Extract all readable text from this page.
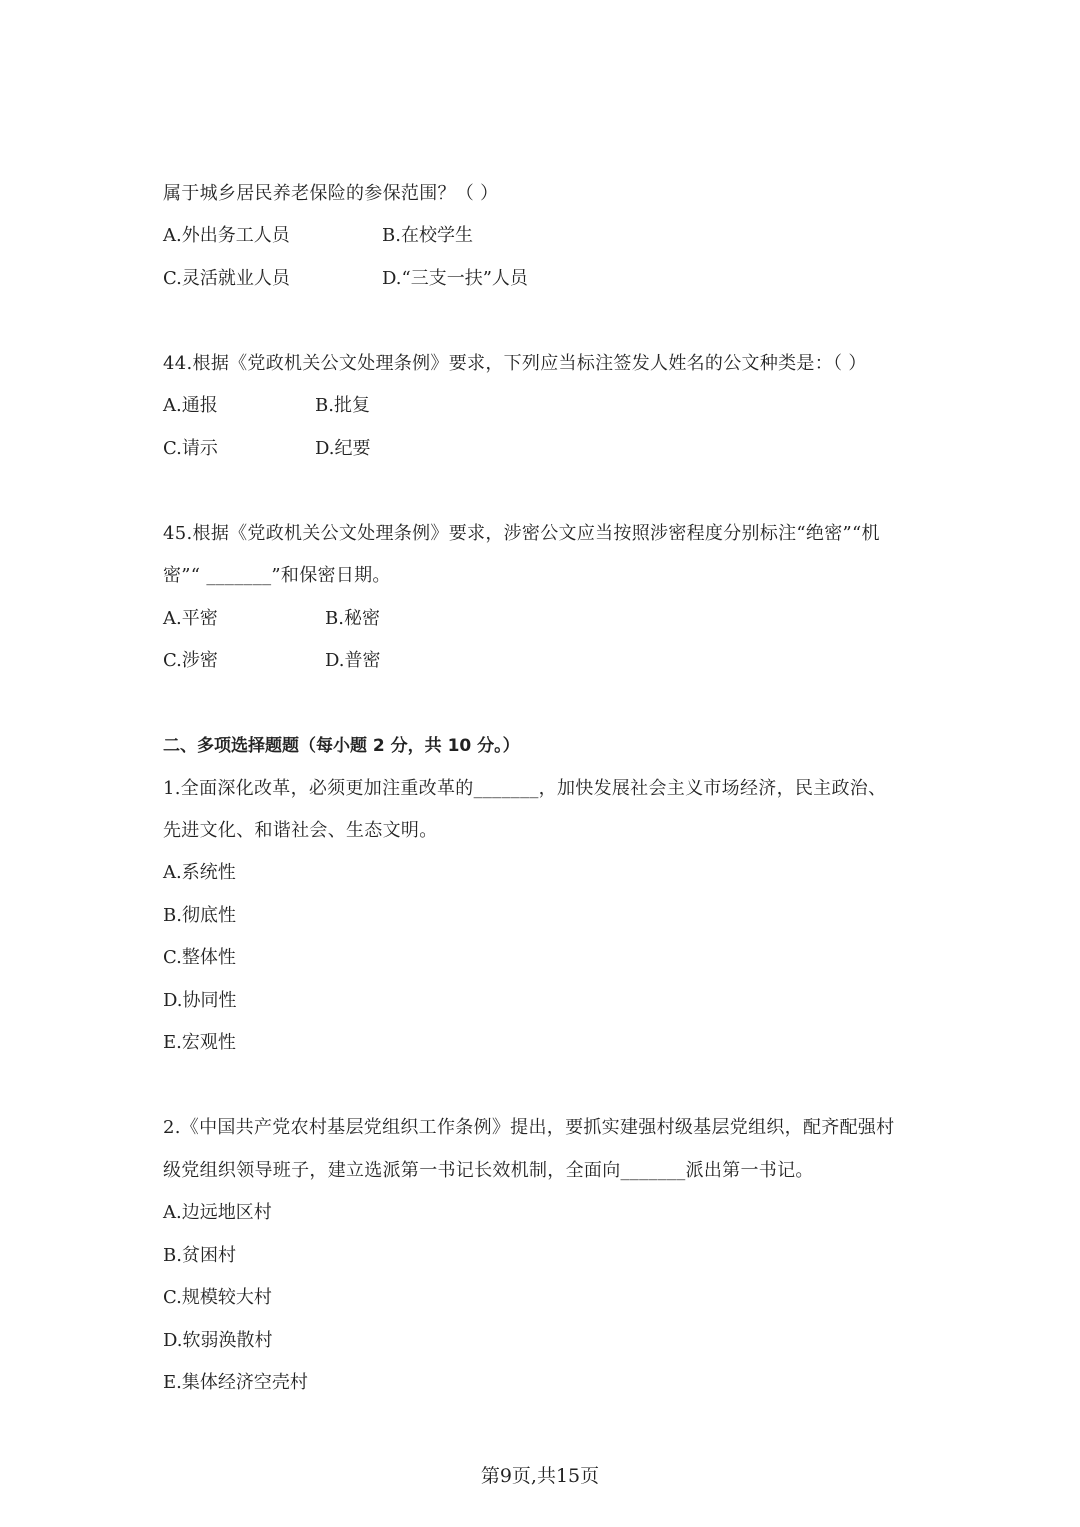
属于城乡居民养老保险的参保范围？（ ）
A.外出务工人员	B.在校学生
C.灵活就业人员	D.“三支一扶”人员
44.根据《党政机关公文处理条例》要求，下列应当标注签发人姓名的公文种类是：（ ）
A.通报	B.批复
C.请示	D.纪要
45.根据《党政机关公文处理条例》要求，涉密公文应当按照涉密程度分别标注“绝密”“机
密”“ _______”和保密日期。
A.平密	B.秘密
C.涉密	D.普密
二、多项选择题题（每小题 2 分，共 10 分。）
1.全面深化改革，必须更加注重改革的_______，加快发展社会主义市场经济，民主政治、
先进文化、和谐社会、生态文明。
A.系统性
B.彻底性
C.整体性
D.协同性
E.宏观性
2.《中国共产党农村基层党组织工作条例》提出，要抓实建强村级基层党组织，配齐配强村
级党组织领导班子，建立选派第一书记长效机制，全面向_______派出第一书记。
A.边远地区村
B.贫困村
C.规模较大村
D.软弱涣散村
E.集体经济空壳村
第9页,共15页
